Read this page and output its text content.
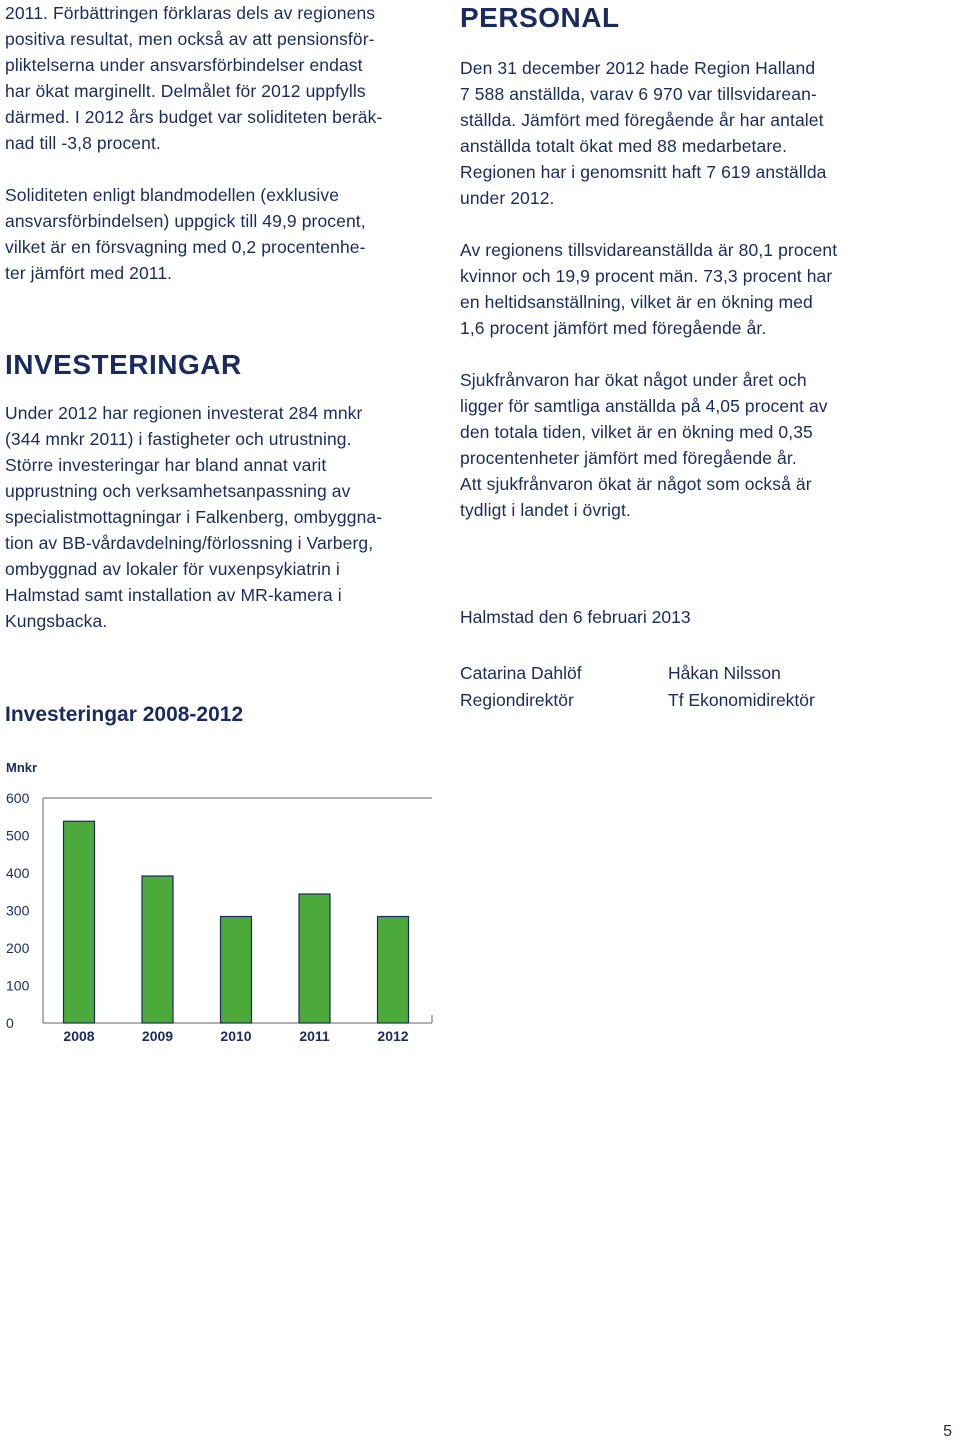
2011. Förbättringen förklaras dels av regionens
positiva resultat, men också av att pensionsför-
pliktelserna under ansvarsförbindelser endast
har ökat marginellt. Delmålet för 2012 uppfylls
därmed. I 2012 års budget var soliditeten beräk-
nad till -3,8 procent.

Soliditeten enligt blandmodellen (exklusive
ansvarsförbindelsen) uppgick till 49,9 procent,
vilket är en försvagning med 0,2 procentenhe-
ter jämfört med 2011.

INVESTERINGAR

Under 2012 har regionen investerat 284 mnkr
(344 mnkr 2011) i fastigheter och utrustning.
Större investeringar har bland annat varit
upprustning och verksamhetsanpassning av
specialistmottagningar i Falkenberg, ombyggna-
tion av BB-vårdavdelning/förlossning i Varberg,
ombyggnad av lokaler för vuxenpsykiatrin i
Halmstad samt installation av MR-kamera i
Kungsbacka.

Investeringar 2008-2012
Mnkr
0
100
200
300
400
500
600
2008	2009	2010	2011	2012
PERSONAL

Den 31 december 2012 hade Region Halland
7 588 anställda, varav 6 970 var tillsvidarean-
ställda. Jämfört med föregående år har antalet
anställda totalt ökat med 88 medarbetare.
Regionen har i genomsnitt haft 7 619 anställda
under 2012.

Av regionens tillsvidareanställda är 80,1 procent
kvinnor och 19,9 procent män. 73,3 procent har
en heltidsanställning, vilket är en ökning med
1,6 procent jämfört med föregående år.

Sjukfrånvaron har ökat något under året och
ligger för samtliga anställda på 4,05 procent av
den totala tiden, vilket är en ökning med 0,35
procentenheter jämfört med föregående år.
Att sjukfrånvaron ökat är något som också är
tydligt i landet i övrigt.

Halmstad den 6 februari 2013
Catarina Dahlöf
Regiondirektör
Håkan Nilsson
Tf Ekonomidirektör
5
